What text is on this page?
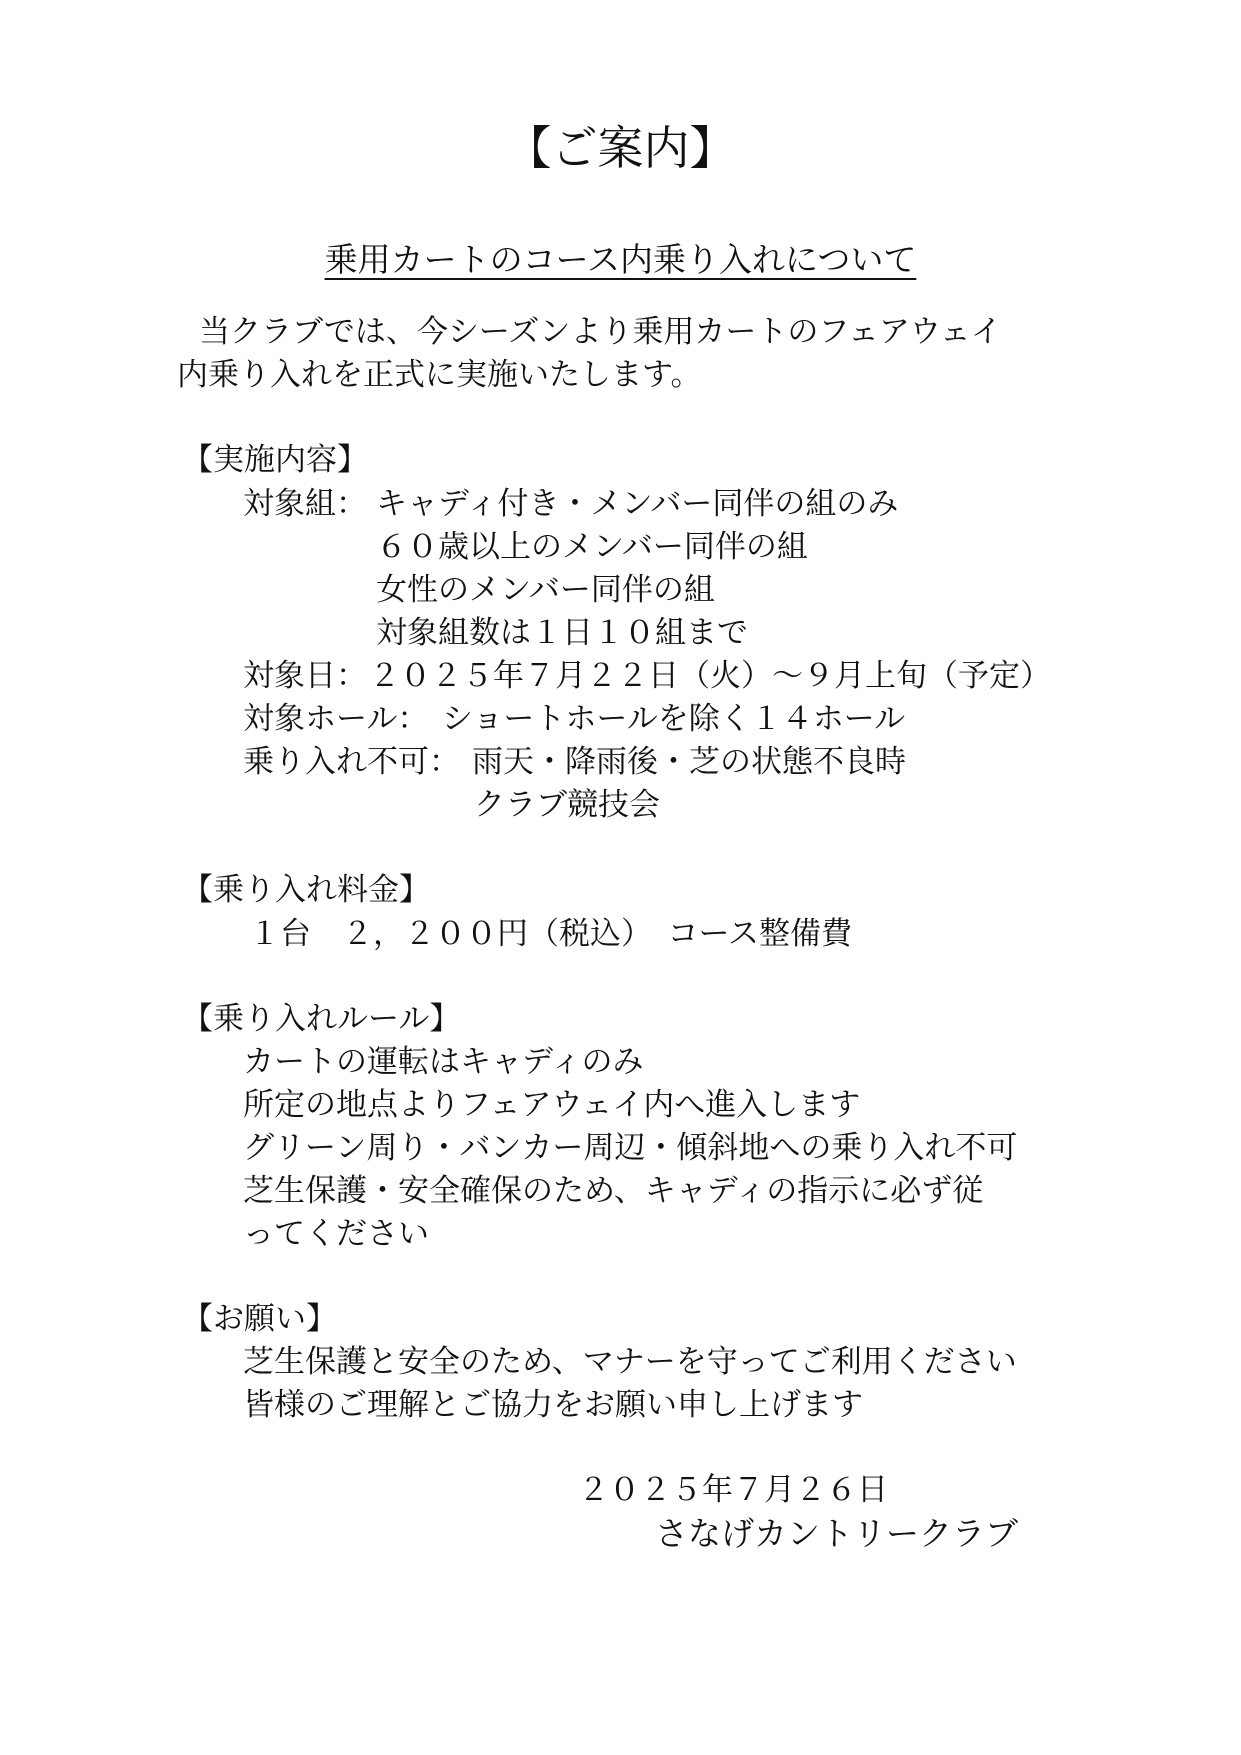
【ご案内】
乗用カートのコース内乗り入れについて
当クラブでは、今シーズンより乗用カートのフェアウェイ
内乗り入れを正式に実施いたします。
【実施内容】
対象組： キャディ付き・メンバー同伴の組のみ
６０歳以上のメンバー同伴の組
女性のメンバー同伴の組
対象組数は１日１０組まで
対象日： ２０２５年７月２２日（火）～９月上旬（予定）
対象ホール： ショートホールを除く１４ホール
乗り入れ不可： 雨天・降雨後・芝の状態不良時
クラブ競技会
【乗り入れ料金】
１台　２，２００円（税込）　コース整備費
【乗り入れルール】
カートの運転はキャディのみ
所定の地点よりフェアウェイ内へ進入します
グリーン周り・バンカー周辺・傾斜地への乗り入れ不可
芝生保護・安全確保のため、キャディの指示に必ず従
ってください
【お願い】
芝生保護と安全のため、マナーを守ってご利用ください
皆様のご理解とご協力をお願い申し上げます
２０２５年７月２６日
さなげカントリークラブ
